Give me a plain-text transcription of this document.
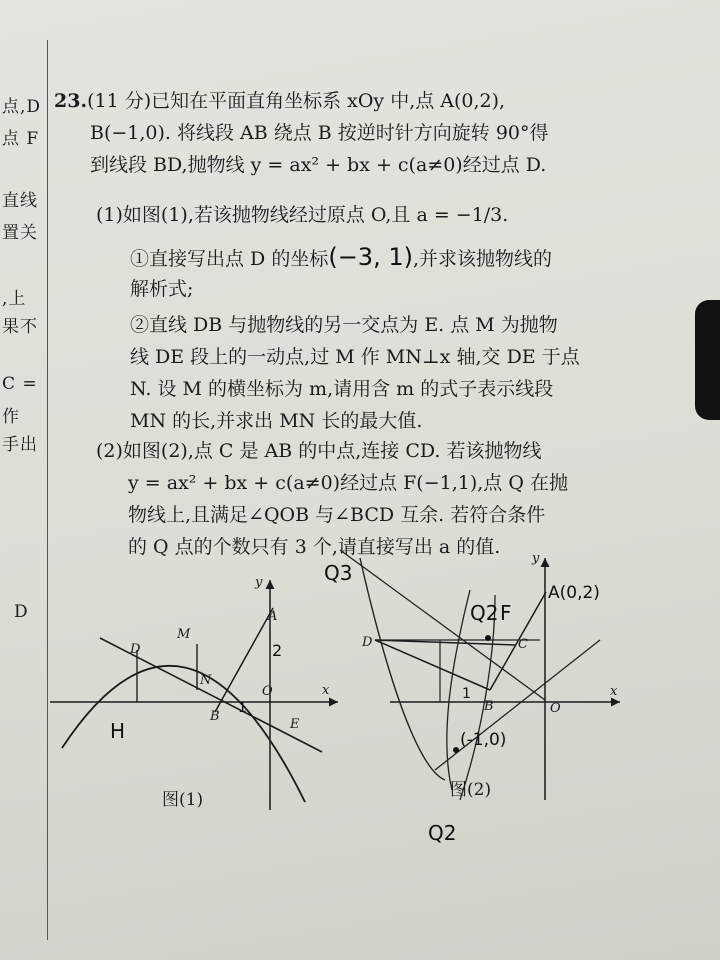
点,D
点 F
直线
置关
,上
果不
C =
作
手出
D
23.(11 分)已知在平面直角坐标系 xOy 中,点 A(0,2),
B(−1,0). 将线段 AB 绕点 B 按逆时针方向旋转 90°得
到线段 BD,抛物线 y = ax² + bx + c(a≠0)经过点 D.
(1)如图(1),若该抛物线经过原点 O,且 a = −1/3.
①直接写出点 D 的坐标(−3, 1),并求该抛物线的
解析式;
②直线 DB 与抛物线的另一交点为 E. 点 M 为抛物
线 DE 段上的一动点,过 M 作 MN⊥x 轴,交 DE 于点
N. 设 M 的横坐标为 m,请用含 m 的式子表示线段
MN 的长,并求出 MN 长的最大值.
(2)如图(2),点 C 是 AB 的中点,连接 CD. 若该抛物线
y = ax² + bx + c(a≠0)经过点 F(−1,1),点 Q 在抛
物线上,且满足∠QOB 与∠BCD 互余. 若符合条件
的 Q 点的个数只有 3 个,请直接写出 a 的值.
D
M
N
A
O
B
E
x
y
H
2
1
图(1)
D	C
B	O
x
y
A(0,2)
Q3
Q2 F
(-1,0)
Q2
1
图(2)
